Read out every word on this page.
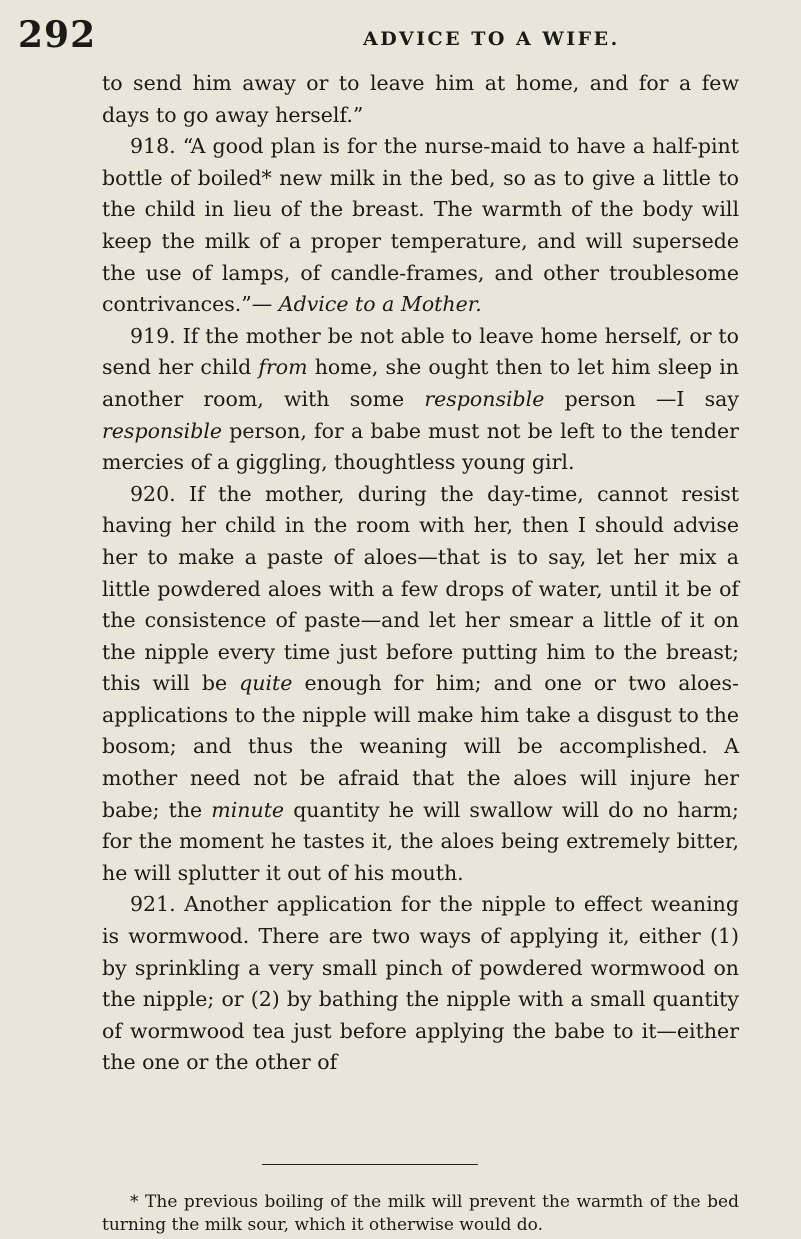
292	ADVICE TO A WIFE.

to send him away or to leave him at home, and for a few days to go away herself.”

918. “A good plan is for the nurse-maid to have a half-pint bottle of boiled* new milk in the bed, so as to give a little to the child in lieu of the breast. The warmth of the body will keep the milk of a proper temperature, and will supersede the use of lamps, of candle-frames, and other troublesome contrivances.”— Advice to a Mother.

919. If the mother be not able to leave home herself, or to send her child from home, she ought then to let him sleep in another room, with some responsible person —I say responsible person, for a babe must not be left to the tender mercies of a giggling, thoughtless young girl.

920. If the mother, during the day-time, cannot resist having her child in the room with her, then I should advise her to make a paste of aloes—that is to say, let her mix a little powdered aloes with a few drops of water, until it be of the consistence of paste—and let her smear a little of it on the nipple every time just before putting him to the breast; this will be quite enough for him; and one or two aloes-applications to the nipple will make him take a disgust to the bosom; and thus the weaning will be accomplished. A mother need not be afraid that the aloes will injure her babe; the minute quantity he will swallow will do no harm; for the moment he tastes it, the aloes being extremely bitter, he will splutter it out of his mouth.

921. Another application for the nipple to effect weaning is wormwood. There are two ways of applying it, either (1) by sprinkling a very small pinch of powdered wormwood on the nipple; or (2) by bathing the nipple with a small quantity of wormwood tea just before applying the babe to it—either the one or the other of

* The previous boiling of the milk will prevent the warmth of the bed turning the milk sour, which it otherwise would do.
